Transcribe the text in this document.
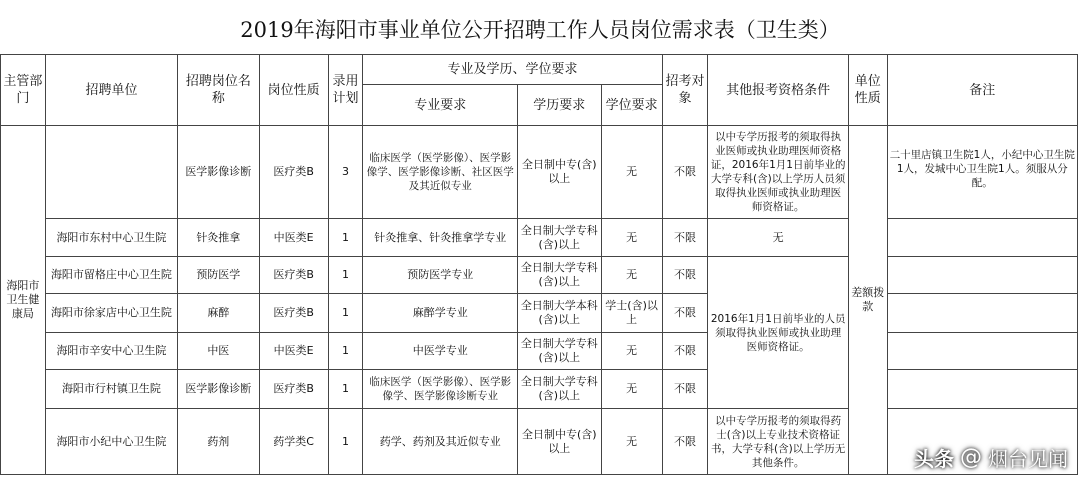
2019年海阳市事业单位公开招聘工作人员岗位需求表（卫生类）
主管部门	招聘单位	招聘岗位名称	岗位性质	录用计划	专业及学历、学位要求			招考对象	其他报考资格条件	单位性质	备注
					专业要求	学历要求	学位要求				
海阳市卫生健康局		医学影像诊断	医疗类B	3	临床医学（医学影像）、医学影像学、医学影像诊断、社区医学及其近似专业	全日制中专(含)以上	无	不限	以中专学历报考的须取得执业医师或执业助理医师资格证，2016年1月1日前毕业的大学专科(含)以上学历人员须取得执业医师或执业助理医师资格证。	差额拨款	二十里店镇卫生院1人，小纪中心卫生院1人，发城中心卫生院1人。须服从分配。
	海阳市东村中心卫生院	针灸推拿	中医类E	1	针灸推拿、针灸推拿学专业	全日制大学专科(含)以上	无	不限	无		
	海阳市留格庄中心卫生院	预防医学	医疗类B	1	预防医学专业	全日制大学专科(含)以上	无	不限	2016年1月1日前毕业的人员须取得执业医师或执业助理医师资格证。		
	海阳市徐家店中心卫生院	麻醉	医疗类B	1	麻醉学专业	全日制大学本科(含)以上	学士(含)以上	不限			
	海阳市辛安中心卫生院	中医	中医类E	1	中医学专业	全日制大学专科(含)以上	无	不限			
	海阳市行村镇卫生院	医学影像诊断	医疗类B	1	临床医学（医学影像）、医学影像学、医学影像诊断专业	全日制大学专科(含)以上	无	不限			
	海阳市小纪中心卫生院	药剂	药学类C	1	药学、药剂及其近似专业	全日制中专(含)以上	无	不限	以中专学历报考的须取得药士(含)以上专业技术资格证书，大学专科(含)以上学历无其他条件。			头条 @ 烟台见闻
